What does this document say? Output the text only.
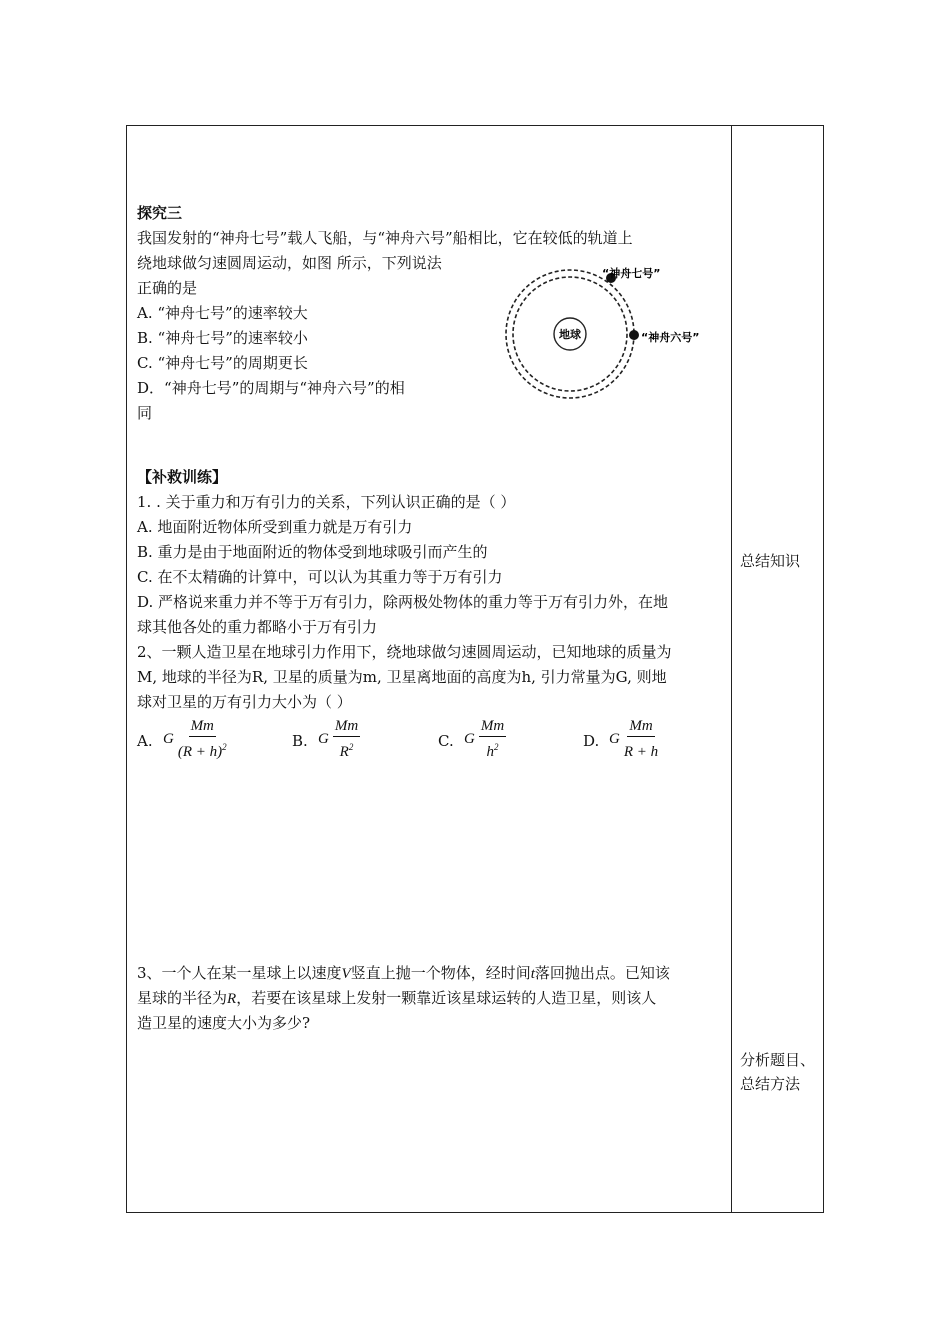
探究三
我国发射的“神舟七号”载人飞船，与“神舟六号”船相比，它在较低的轨道上
绕地球做匀速圆周运动，如图 所示，下列说法
正确的是
A. “神舟七号”的速率较大
B. “神舟七号”的速率较小
C. “神舟七号”的周期更长
D．“神舟七号”的周期与“神舟六号”的相
同
地球
“神舟七号”
“神舟六号”
【补救训练】
1. . 关于重力和万有引力的关系，下列认识正确的是（ ）
A. 地面附近物体所受到重力就是万有引力
B. 重力是由于地面附近的物体受到地球吸引而产生的
C. 在不太精确的计算中，可以认为其重力等于万有引力
D. 严格说来重力并不等于万有引力，除两极处物体的重力等于万有引力外，在地
球其他各处的重力都略小于万有引力
2、一颗人造卫星在地球引力作用下，绕地球做匀速圆周运动，已知地球的质量为
M, 地球的半径为R, 卫星的质量为m, 卫星离地面的高度为h, 引力常量为G, 则地
球对卫星的万有引力大小为（ ）
A. G $\frac{Mm}{(R + h)^2}$	B. G $\frac{Mm}{R^2}$	C. G $\frac{Mm}{h^2}$	D. G $\frac{Mm}{R + h}$
3、一个人在某一星球上以速度V竖直上抛一个物体，经时间t落回抛出点。已知该
星球的半径为R，若要在该星球上发射一颗靠近该星球运转的人造卫星，则该人
造卫星的速度大小为多少?
总结知识
分析题目、
总结方法
